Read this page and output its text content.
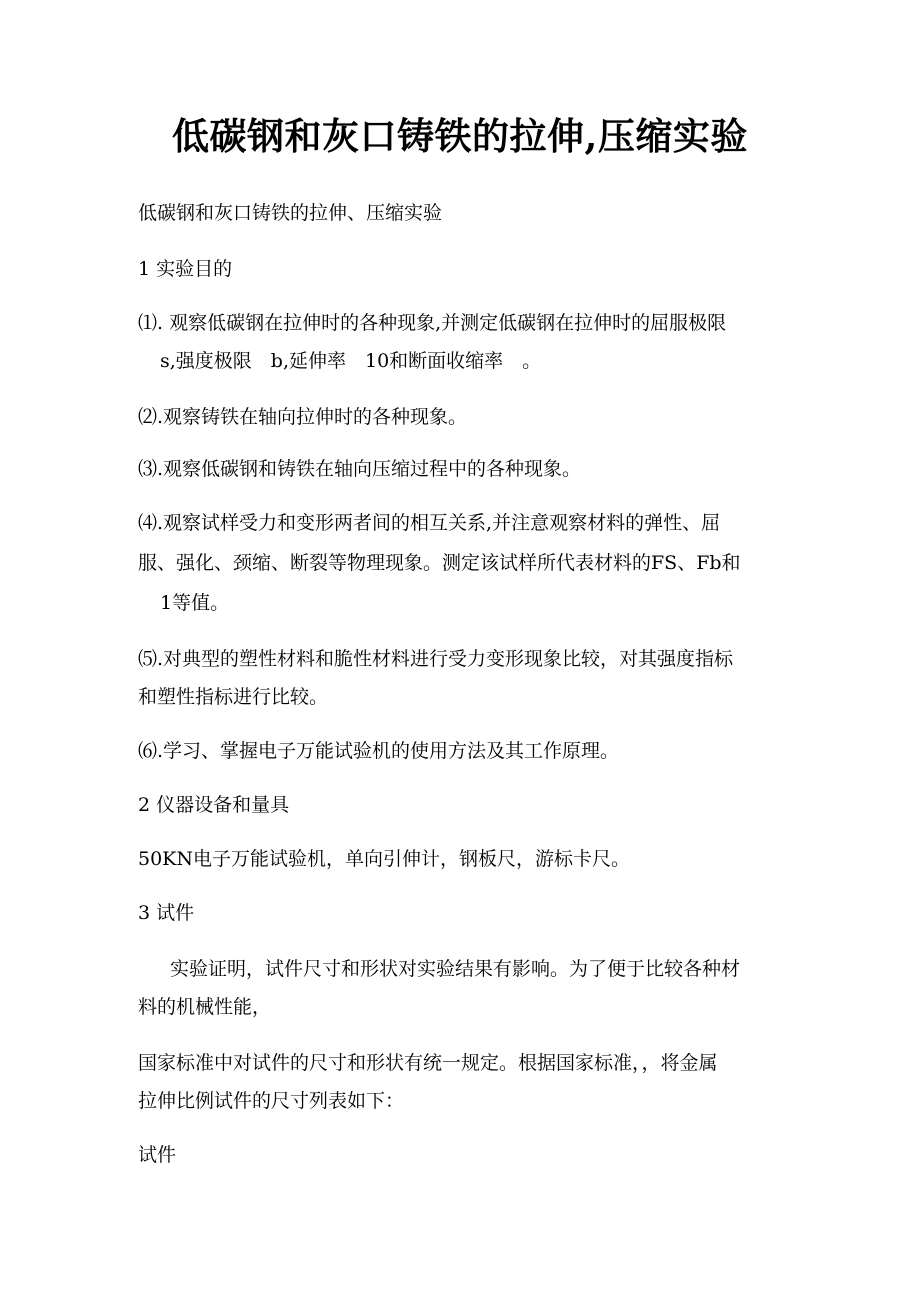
低碳钢和灰口铸铁的拉伸,压缩实验
低碳钢和灰口铸铁的拉伸、压缩实验
1 实验目的
⑴. 观察低碳钢在拉伸时的各种现象,并测定低碳钢在拉伸时的屈服极限
s,强度极限　b,延伸率　10和断面收缩率　。
⑵.观察铸铁在轴向拉伸时的各种现象。
⑶.观察低碳钢和铸铁在轴向压缩过程中的各种现象。
⑷.观察试样受力和变形两者间的相互关系,并注意观察材料的弹性、屈
服、强化、颈缩、断裂等物理现象。测定该试样所代表材料的FS、Fb和
1等值。
⑸.对典型的塑性材料和脆性材料进行受力变形现象比较，对其强度指标
和塑性指标进行比较。
⑹.学习、掌握电子万能试验机的使用方法及其工作原理。
2 仪器设备和量具
50KN电子万能试验机，单向引伸计，钢板尺，游标卡尺。
3 试件
实验证明，试件尺寸和形状对实验结果有影响。为了便于比较各种材
料的机械性能，
国家标准中对试件的尺寸和形状有统一规定。根据国家标准，，将金属
拉伸比例试件的尺寸列表如下：
试件
